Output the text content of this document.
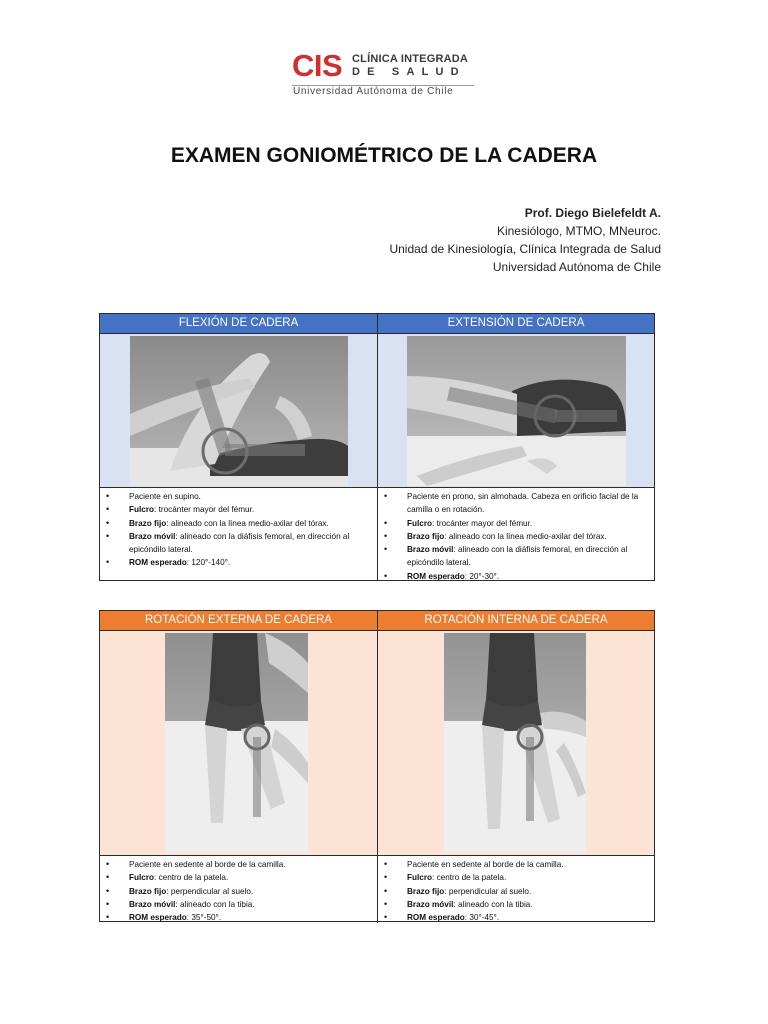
CIS CLÍNICA INTEGRADA
DE SALUD
Universidad Autónoma de Chile
EXAMEN GONIOMÉTRICO DE LA CADERA
Prof. Diego Bielefeldt A.
Kinesiólogo, MTMO, MNeuroc.
Unidad de Kinesiología, Clínica Integrada de Salud
Universidad Autónoma de Chile
FLEXIÓN DE CADERA	EXTENSIÓN DE CADERA
• Paciente en supino.
• Fulcro: trocánter mayor del fémur.
• Brazo fijo: alineado con la línea medio-axilar del tórax.
• Brazo móvil: alineado con la diáfisis femoral, en dirección al epicóndilo lateral.
• ROM esperado: 120°-140°.
• Paciente en prono, sin almohada. Cabeza en orificio facial de la camilla o en rotación.
• Fulcro: trocánter mayor del fémur.
• Brazo fijo: alineado con la línea medio-axilar del tórax.
• Brazo móvil: alineado con la diáfisis femoral, en dirección al epicóndilo lateral.
• ROM esperado: 20°-30°.
ROTACIÓN EXTERNA DE CADERA	ROTACIÓN INTERNA DE CADERA
• Paciente en sedente al borde de la camilla.
• Fulcro: centro de la patela.
• Brazo fijo: perpendicular al suelo.
• Brazo móvil: alineado con la tibia.
• ROM esperado: 35°-50°.
• Paciente en sedente al borde de la camilla.
• Fulcro: centro de la patela.
• Brazo fijo: perpendicular al suelo.
• Brazo móvil: alineado con la tibia.
• ROM esperado: 30°-45°.
